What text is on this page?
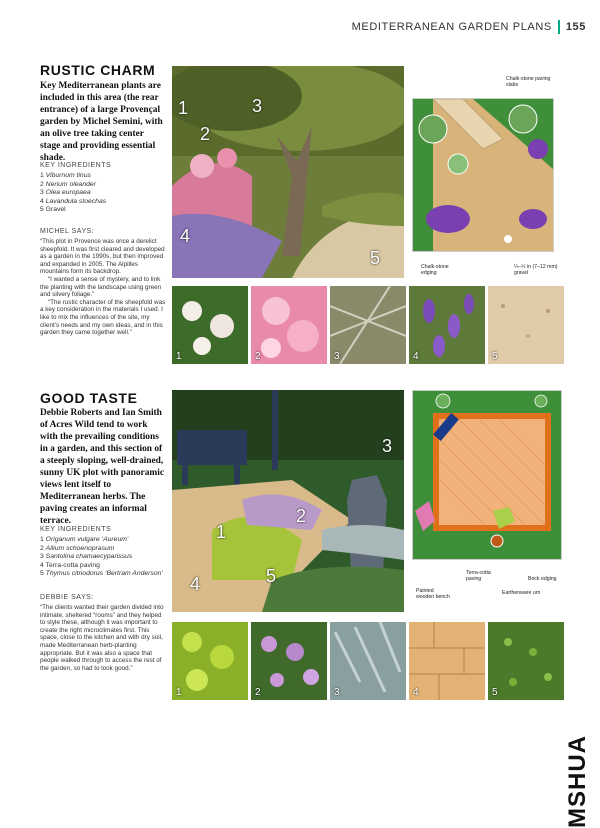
MEDITERRANEAN GARDEN PLANS 155
RUSTIC CHARM
Key Mediterranean plants are included in this area (the rear entrance) of a large Provençal garden by Michel Semini, with an olive tree taking center stage and providing essential shade.
KEY INGREDIENTS
1 Viburnum tinus
2 Nerium oleander
3 Olea europaea
4 Lavandula stoechas
5 Gravel
MICHEL SAYS:

“This plot in Provence was once a derelict sheepfold. It was first cleared and developed as a garden in the 1990s, but then improved and expanded in 2005. The Alpilles mountains form its backdrop.

“I wanted a sense of mystery, and to link the planting with the landscape using green and silvery foliage.”

“The rustic character of the sheepfold was a key consideration in the materials I used. I like to mix the influences of the site, my client’s needs and my own ideas, and in this garden they came together well.”

1
2
3
4
5
Chalk-stone paving slabs
Chalk-stone edging
¼–½ in (7–12 mm) gravel
1	2	3	4	5
GOOD TASTE
Debbie Roberts and Ian Smith of Acres Wild tend to work with the prevailing conditions in a garden, and this section of a steeply sloping, well-drained, sunny UK plot with panoramic views lent itself to Mediterranean herbs. The paving creates an informal terrace.
KEY INGREDIENTS
1 Origanum vulgare ‘Aureum’
2 Allium schoenoprasum
3 Santolina chamaecyparissus
4 Terra-cotta paving
5 Thymus citriodorus ‘Bertram Anderson’
DEBBIE SAYS:

“The clients wanted their garden divided into intimate, sheltered “rooms” and they helped to style these, although it was important to create the right microclimates first. This space, close to the kitchen and with dry soil, made Mediterranean herb-planting appropriate. But it was also a space that people walked through to access the rest of the garden, so had to look good.”

1
2
3
4	5	Terra-cotta paving	Brick edging
Painted wooden bench
Earthenware urn
1	2	3	4	5
MSHUA
